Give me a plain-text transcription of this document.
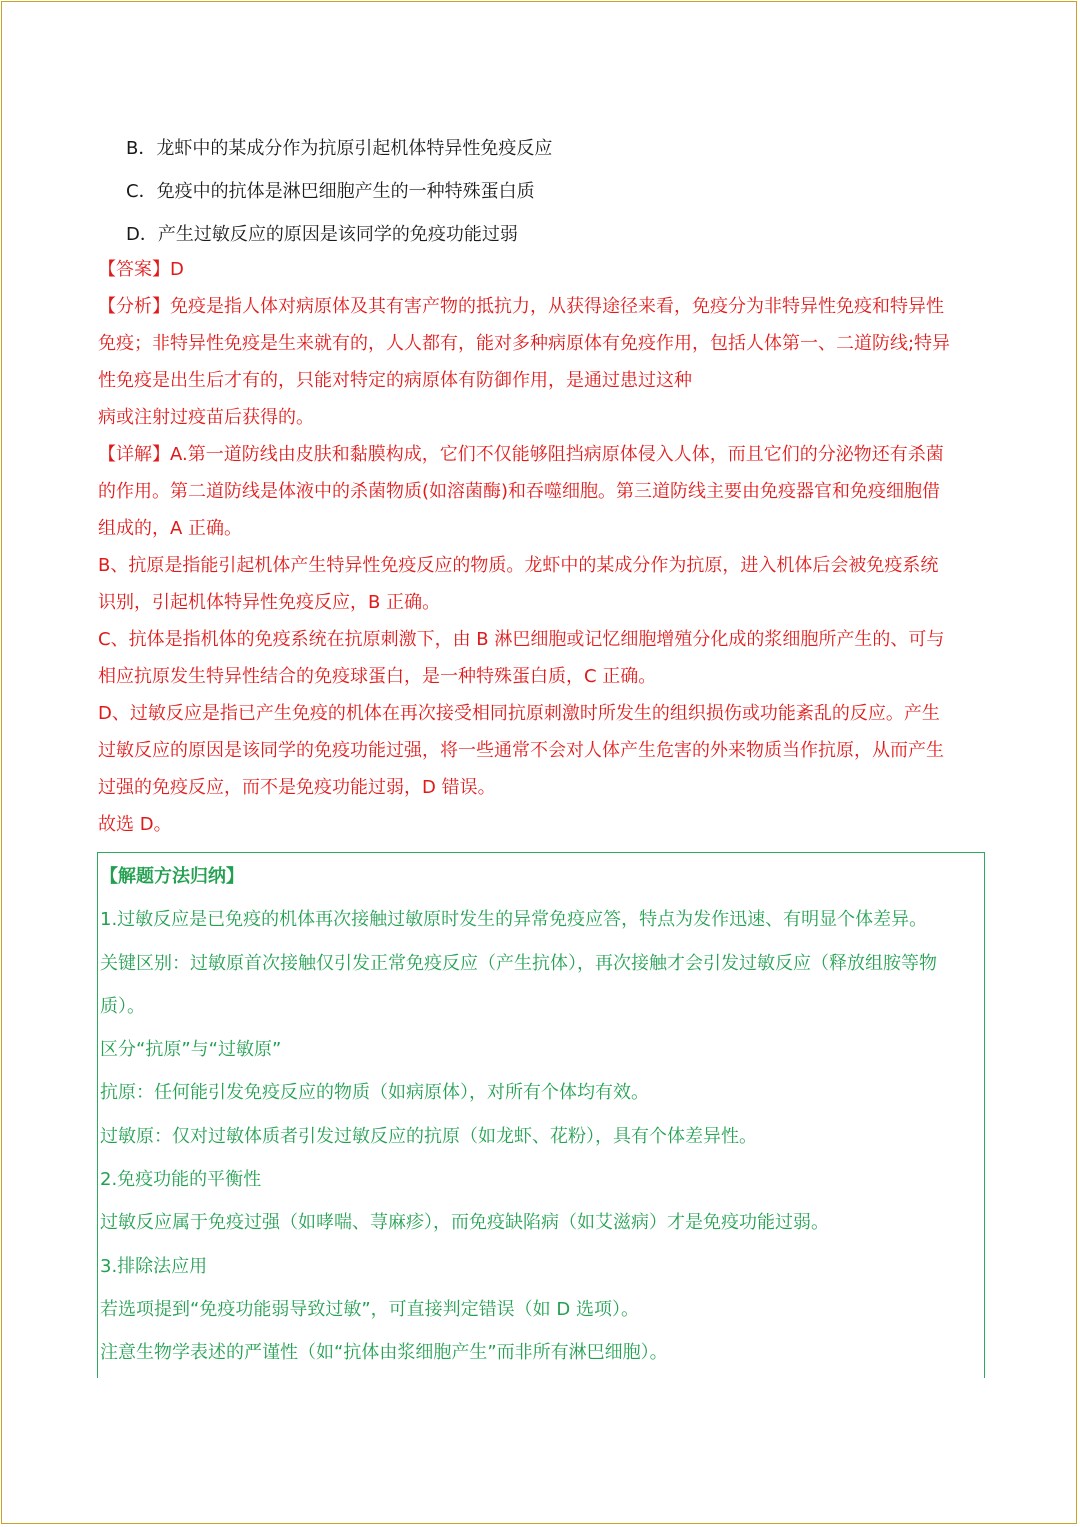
B．龙虾中的某成分作为抗原引起机体特异性免疫反应
C．免疫中的抗体是淋巴细胞产生的一种特殊蛋白质
D．产生过敏反应的原因是该同学的免疫功能过弱
【答案】D
【分析】免疫是指人体对病原体及其有害产物的抵抗力，从获得途径来看，免疫分为非特异性免疫和特异性
免疫；非特异性免疫是生来就有的，人人都有，能对多种病原体有免疫作用，包括人体第一、二道防线;特异
性免疫是出生后才有的，只能对特定的病原体有防御作用，是通过患过这种
病或注射过疫苗后获得的。
【详解】A.第一道防线由皮肤和黏膜构成，它们不仅能够阻挡病原体侵入人体，而且它们的分泌物还有杀菌
的作用。第二道防线是体液中的杀菌物质(如溶菌酶)和吞噬细胞。第三道防线主要由免疫器官和免疫细胞借
组成的，A 正确。
B、抗原是指能引起机体产生特异性免疫反应的物质。龙虾中的某成分作为抗原，进入机体后会被免疫系统
识别，引起机体特异性免疫反应，B 正确。
C、抗体是指机体的免疫系统在抗原刺激下，由 B 淋巴细胞或记忆细胞增殖分化成的浆细胞所产生的、可与
相应抗原发生特异性结合的免疫球蛋白，是一种特殊蛋白质，C 正确。
D、过敏反应是指已产生免疫的机体在再次接受相同抗原刺激时所发生的组织损伤或功能紊乱的反应。产生
过敏反应的原因是该同学的免疫功能过强，将一些通常不会对人体产生危害的外来物质当作抗原，从而产生
过强的免疫反应，而不是免疫功能过弱，D 错误。
故选 D。
【解题方法归纳】
1.过敏反应是已免疫的机体再次接触过敏原时发生的异常免疫应答，特点为发作迅速、有明显个体差异。
关键区别：过敏原首次接触仅引发正常免疫反应（产生抗体），再次接触才会引发过敏反应（释放组胺等物
质）。
区分“抗原”与“过敏原”
抗原：任何能引发免疫反应的物质（如病原体），对所有个体均有效。
过敏原：仅对过敏体质者引发过敏反应的抗原（如龙虾、花粉），具有个体差异性。
2.免疫功能的平衡性
过敏反应属于免疫过强（如哮喘、荨麻疹），而免疫缺陷病（如艾滋病）才是免疫功能过弱。
3.排除法应用
若选项提到“免疫功能弱导致过敏”，可直接判定错误（如 D 选项）。
注意生物学表述的严谨性（如“抗体由浆细胞产生”而非所有淋巴细胞）。
